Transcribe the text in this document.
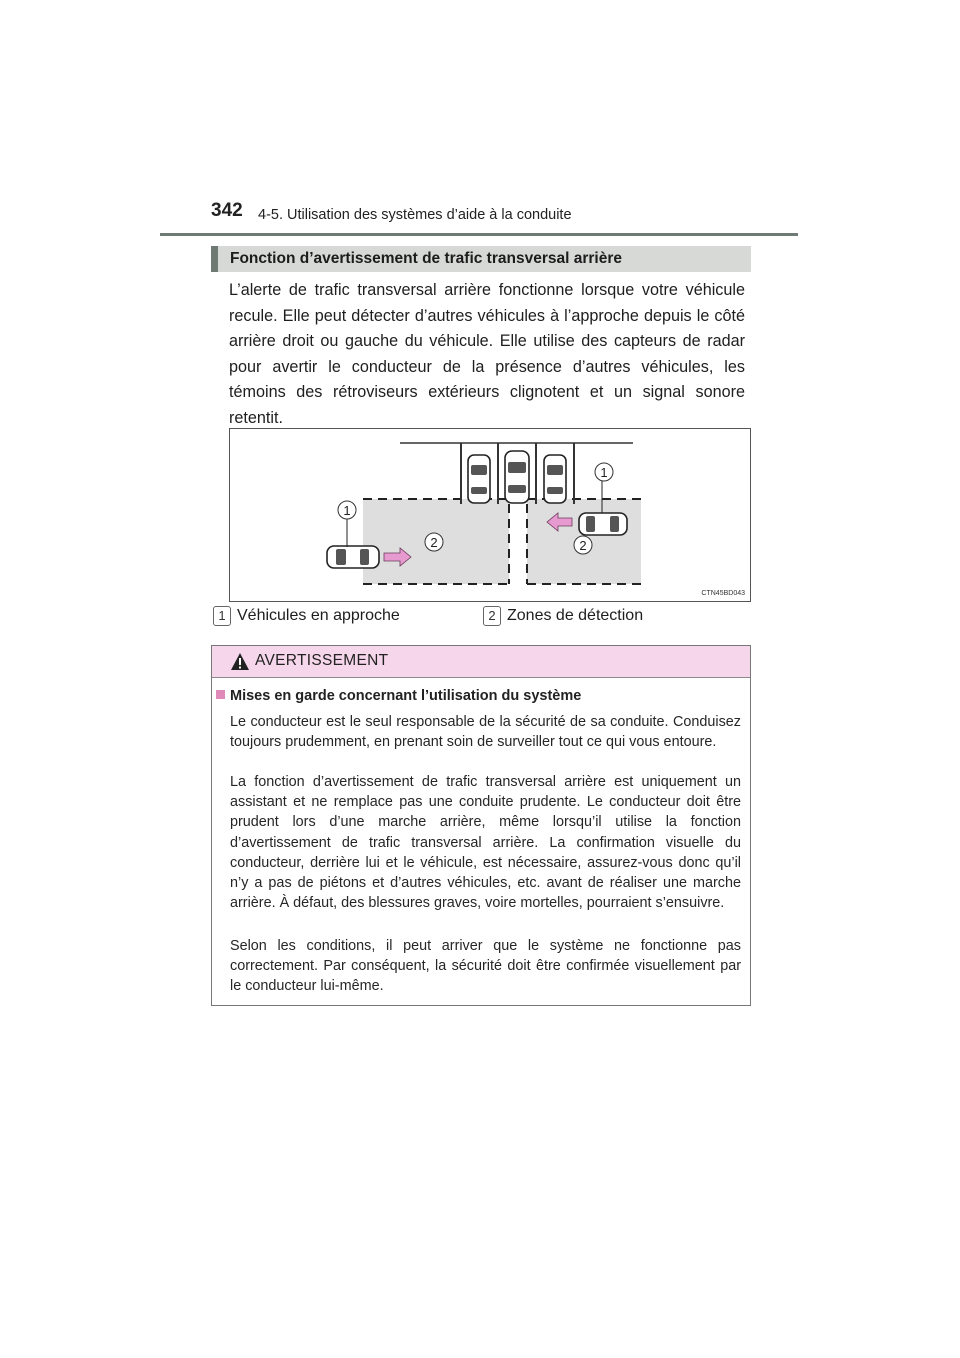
342 4-5. Utilisation des systèmes d’aide à la conduite
Fonction d’avertissement de trafic transversal arrière
L’alerte de trafic transversal arrière fonctionne lorsque votre véhicule recule. Elle peut détecter d’autres véhicules à l’approche depuis le côté arrière droit ou gauche du véhicule. Elle utilise des capteurs de radar pour avertir le conducteur de la présence d’autres véhicules, les témoins des rétroviseurs extérieurs clignotent et un signal sonore retentit.
1
2
1
2
CTN45BD043
1 Véhicules en approche	2 Zones de détection
AVERTISSEMENT
Mises en garde concernant l’utilisation du système
Le conducteur est le seul responsable de la sécurité de sa conduite. Conduisez toujours prudemment, en prenant soin de surveiller tout ce qui vous entoure.
La fonction d’avertissement de trafic transversal arrière est uniquement un assistant et ne remplace pas une conduite prudente. Le conducteur doit être prudent lors d’une marche arrière, même lorsqu’il utilise la fonction d’avertissement de trafic transversal arrière. La confirmation visuelle du conducteur, derrière lui et le véhicule, est nécessaire, assurez-vous donc qu’il n’y a pas de piétons et d’autres véhicules, etc. avant de réaliser une marche arrière. À défaut, des blessures graves, voire mortelles, pourraient s’ensuivre.
Selon les conditions, il peut arriver que le système ne fonctionne pas correctement. Par conséquent, la sécurité doit être confirmée visuellement par le conducteur lui-même.
